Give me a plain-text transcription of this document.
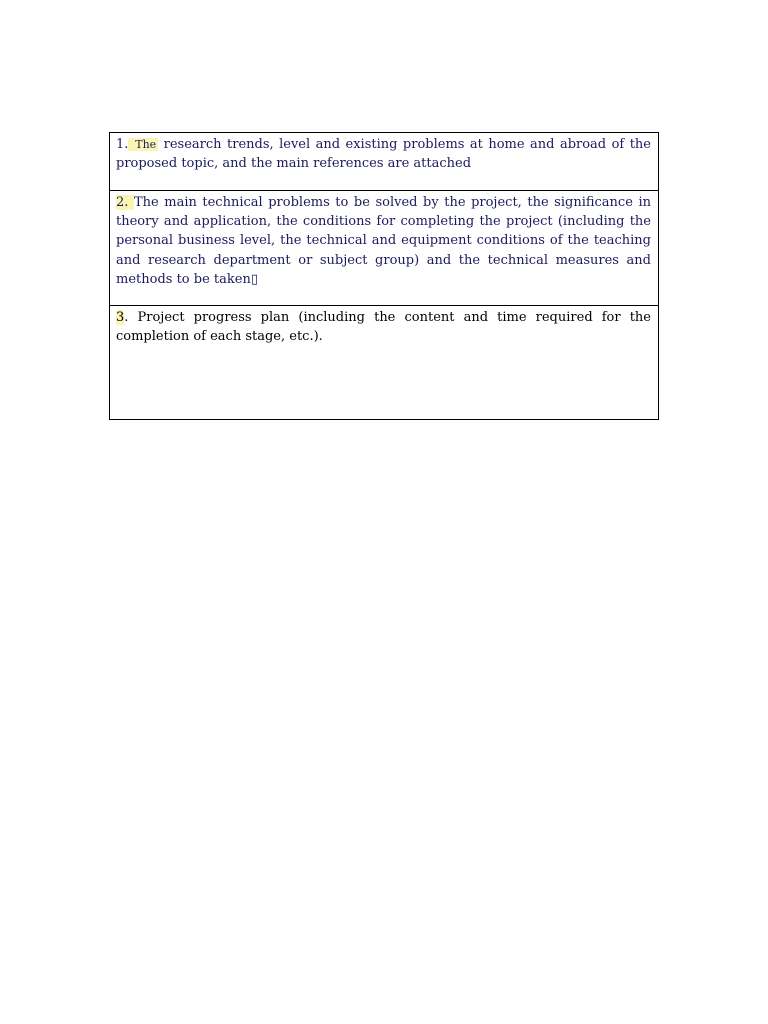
1. The research trends, level and existing problems at home and abroad of the proposed topic, and the main references are attached
2. The main technical problems to be solved by the project, the significance in theory and application, the conditions for completing the project (including the personal business level, the technical and equipment conditions of the teaching and research department or subject group) and the technical measures and methods to be taken▯
3. Project progress plan (including the content and time required for the completion of each stage, etc.).
